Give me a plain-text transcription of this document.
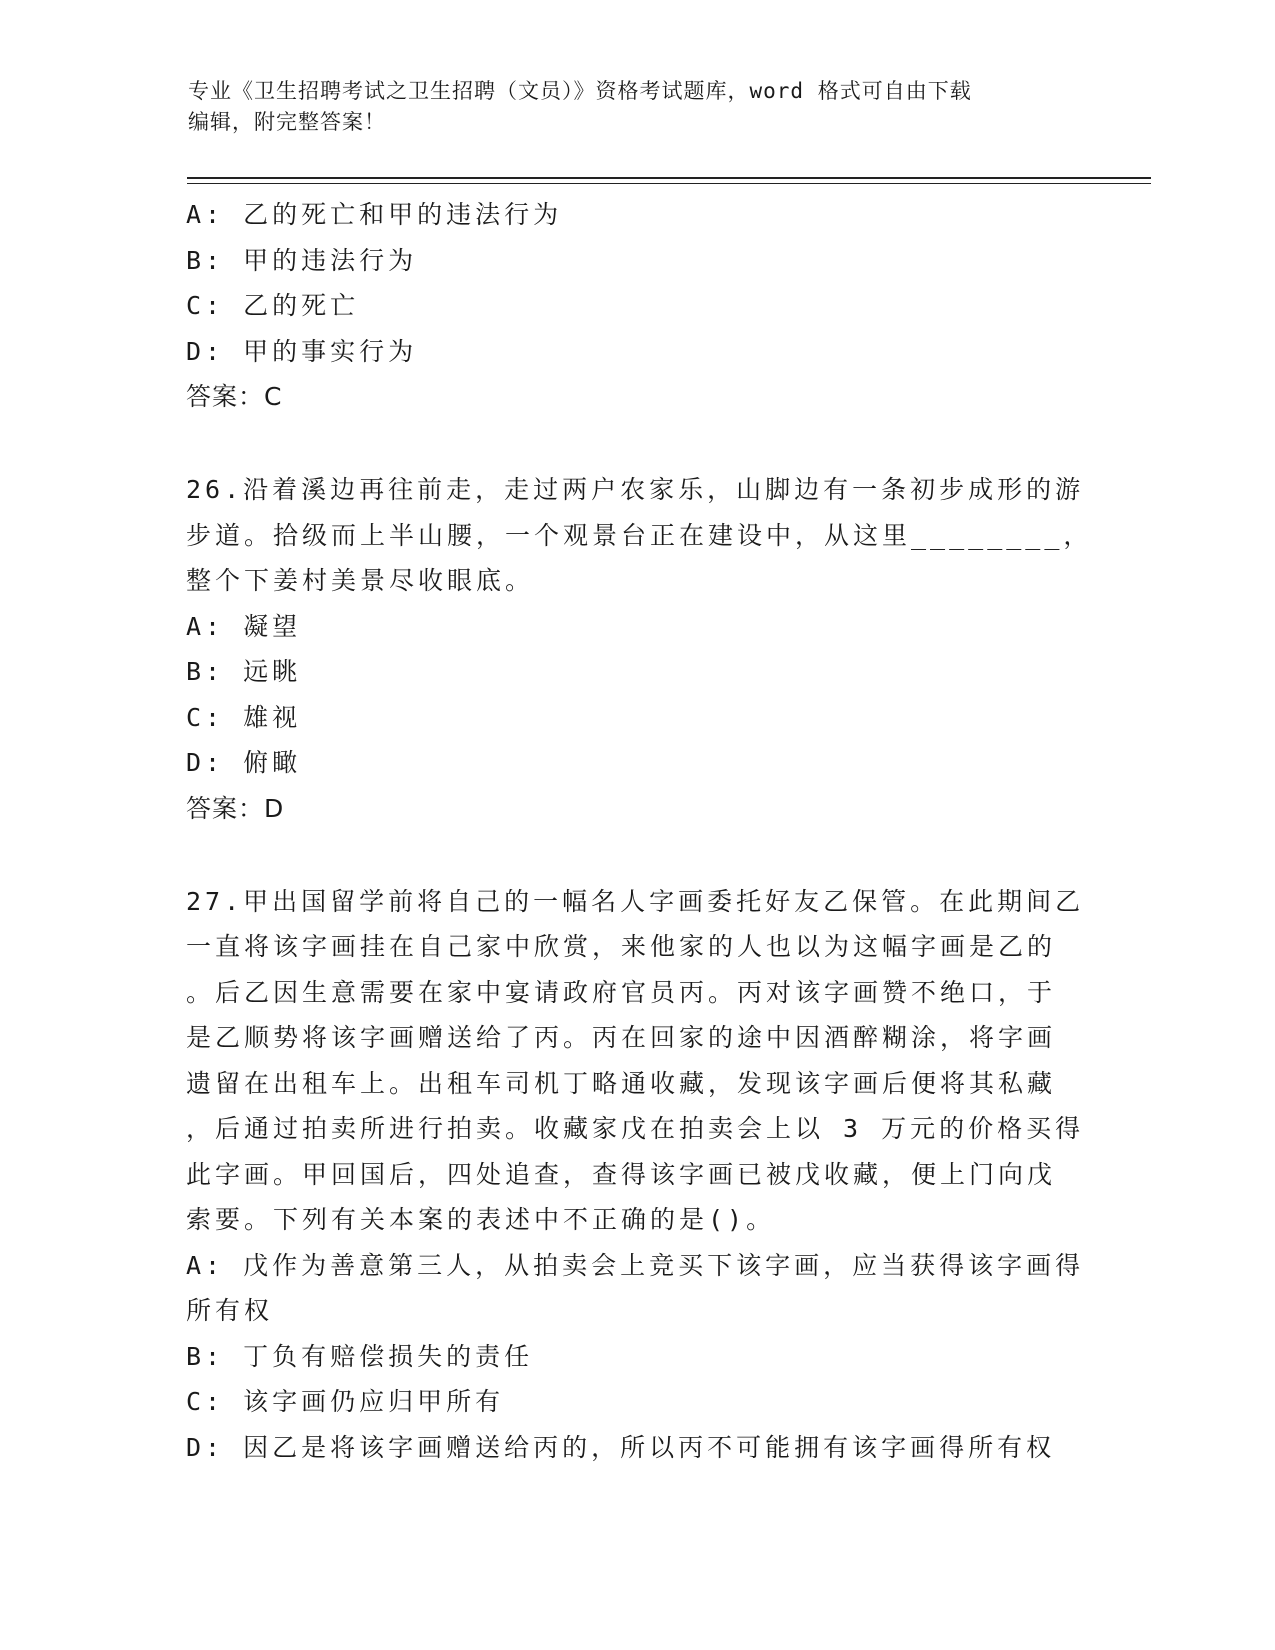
专业《卫生招聘考试之卫生招聘（文员）》资格考试题库，word 格式可自由下载
编辑，附完整答案！
A: 乙的死亡和甲的违法行为
B: 甲的违法行为
C: 乙的死亡
D: 甲的事实行为
答案：C
26.沿着溪边再往前走，走过两户农家乐，山脚边有一条初步成形的游
步道。拾级而上半山腰，一个观景台正在建设中，从这里________，
整个下姜村美景尽收眼底。
A: 凝望
B: 远眺
C: 雄视
D: 俯瞰
答案：D
27.甲出国留学前将自己的一幅名人字画委托好友乙保管。在此期间乙
一直将该字画挂在自己家中欣赏，来他家的人也以为这幅字画是乙的
。后乙因生意需要在家中宴请政府官员丙。丙对该字画赞不绝口，于
是乙顺势将该字画赠送给了丙。丙在回家的途中因酒醉糊涂，将字画
遗留在出租车上。出租车司机丁略通收藏，发现该字画后便将其私藏
，后通过拍卖所进行拍卖。收藏家戊在拍卖会上以 3 万元的价格买得
此字画。甲回国后，四处追查，查得该字画已被戊收藏，便上门向戊
索要。下列有关本案的表述中不正确的是()。
A: 戊作为善意第三人，从拍卖会上竞买下该字画，应当获得该字画得
所有权
B: 丁负有赔偿损失的责任
C: 该字画仍应归甲所有
D: 因乙是将该字画赠送给丙的，所以丙不可能拥有该字画得所有权
